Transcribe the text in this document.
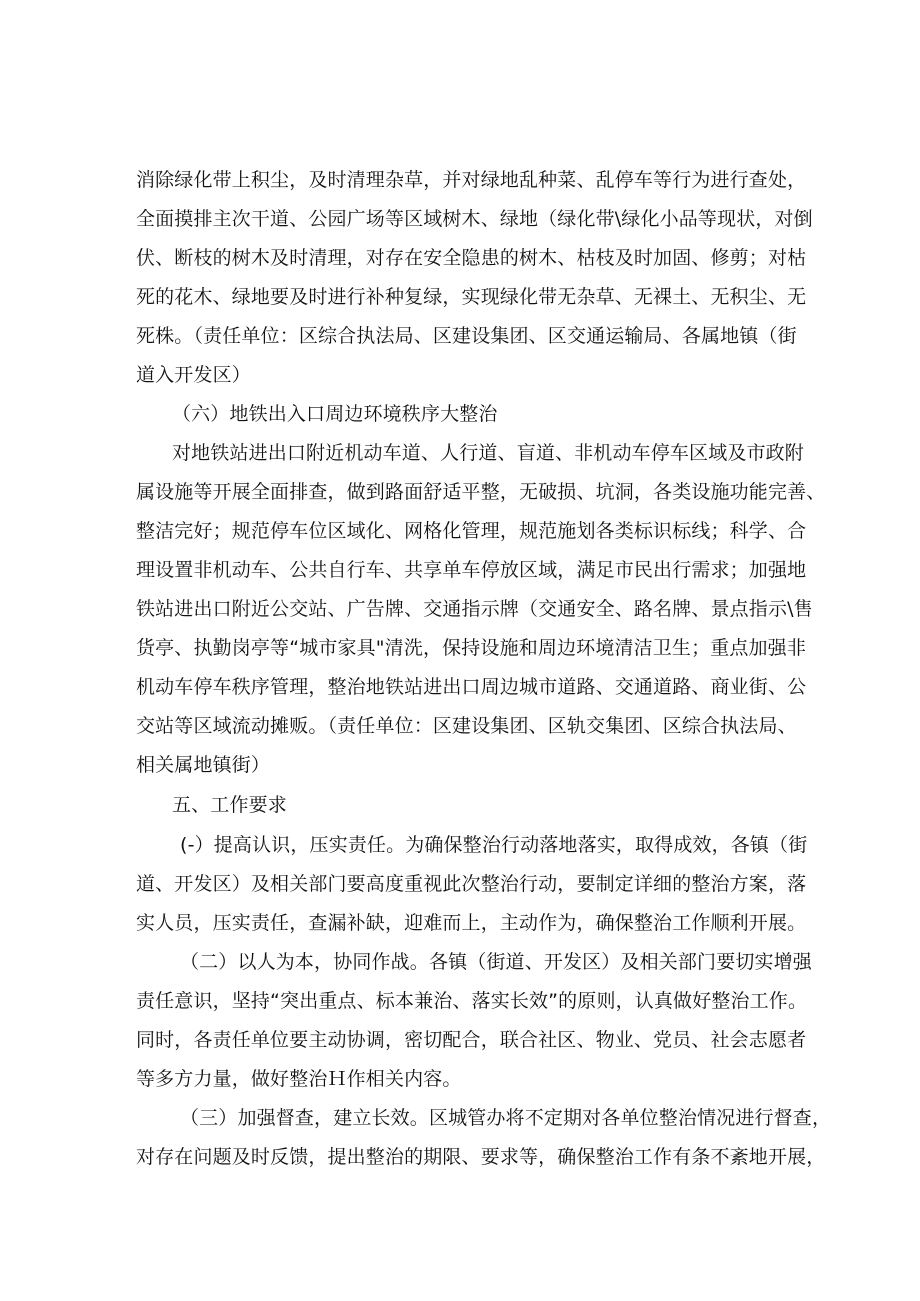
消除绿化带上积尘，及时清理杂草，并对绿地乱种菜、乱停车等行为进行查处，
全面摸排主次干道、公园广场等区域树木、绿地（绿化带\绿化小品等现状，对倒
伏、断枝的树木及时清理，对存在安全隐患的树木、枯枝及时加固、修剪；对枯
死的花木、绿地要及时进行补种复绿，实现绿化带无杂草、无裸土、无积尘、无
死株。（责任单位：区综合执法局、区建设集团、区交通运输局、各属地镇（街
道入开发区）
（六）地铁出入口周边环境秩序大整治
对地铁站进出口附近机动车道、人行道、盲道、非机动车停车区域及市政附
属设施等开展全面排查，做到路面舒适平整，无破损、坑洞，各类设施功能完善、
整洁完好；规范停车位区域化、网格化管理，规范施划各类标识标线；科学、合
理设置非机动车、公共自行车、共享单车停放区域，满足市民出行需求；加强地
铁站进出口附近公交站、广告牌、交通指示牌（交通安全、路名牌、景点指示\售
货亭、执勤岗亭等“城市家具"清洗，保持设施和周边环境清洁卫生；重点加强非
机动车停车秩序管理，整治地铁站进出口周边城市道路、交通道路、商业街、公
交站等区域流动摊贩。（责任单位：区建设集团、区轨交集团、区综合执法局、
相关属地镇街）
五、工作要求
(-）提高认识，压实责任。为确保整治行动落地落实，取得成效，各镇（街
道、开发区）及相关部门要高度重视此次整治行动，要制定详细的整治方案，落
实人员，压实责任，查漏补缺，迎难而上，主动作为，确保整治工作顺利开展。
（二）以人为本，协同作战。各镇（街道、开发区）及相关部门要切实增强
责任意识，坚持“突出重点、标本兼治、落实长效”的原则，认真做好整治工作。
同时，各责任单位要主动协调，密切配合，联合社区、物业、党员、社会志愿者
等多方力量，做好整治Ｈ作相关内容。
（三）加强督查，建立长效。区城管办将不定期对各单位整治情况进行督查，
对存在问题及时反馈，提出整治的期限、要求等，确保整治工作有条不紊地开展，
